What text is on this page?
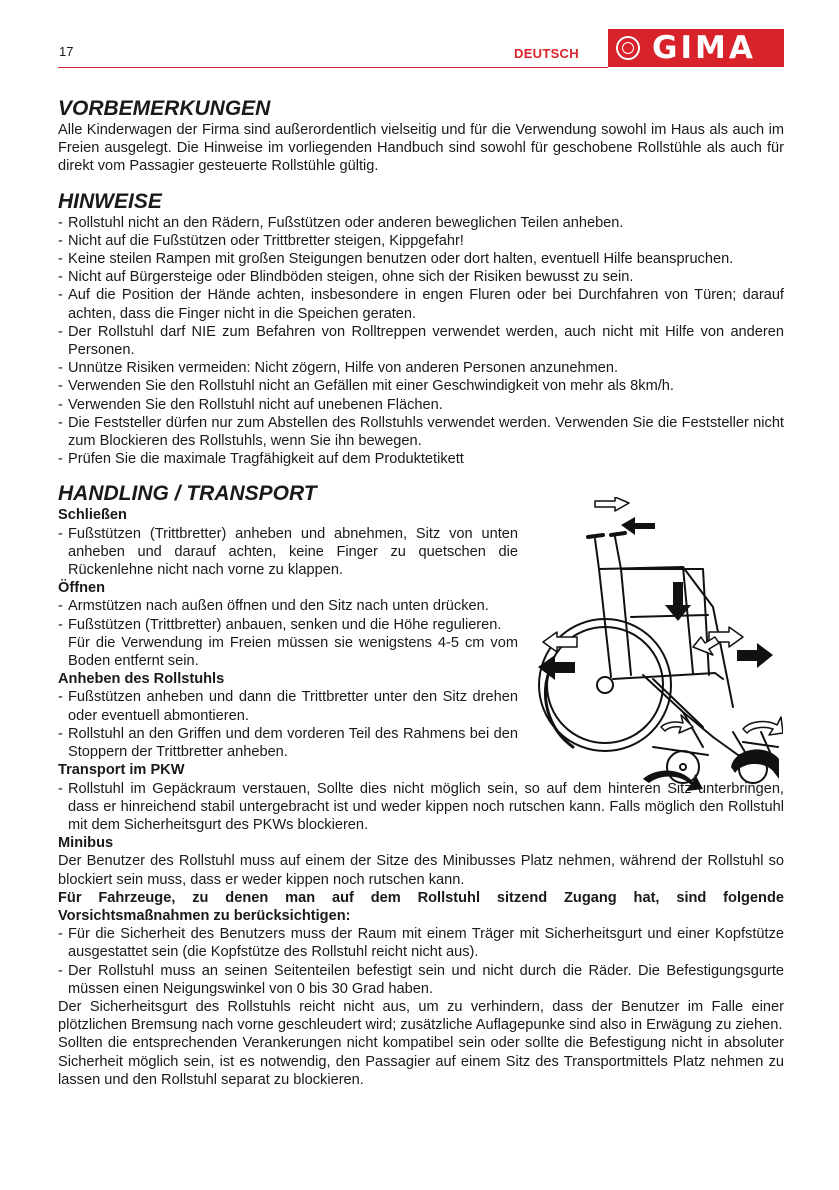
17	DEUTSCH GIMA
VORBEMERKUNGEN

Alle Kinderwagen der Firma sind außerordentlich vielseitig und für die Verwendung sowohl im Haus als auch im Freien ausgelegt. Die Hinweise im vorliegenden Handbuch sind sowohl für geschobene Rollstühle als auch für direkt vom Passagier gesteuerte Rollstühle gültig.

HINWEISE
- Rollstuhl nicht an den Rädern, Fußstützen oder anderen beweglichen Teilen anheben.
- Nicht auf die Fußstützen oder Trittbretter steigen, Kippgefahr!
- Keine steilen Rampen mit großen Steigungen benutzen oder dort halten, eventuell Hilfe beanspruchen.
- Nicht auf Bürgersteige oder Blindböden steigen, ohne sich der Risiken bewusst zu sein.
- Auf die Position der Hände achten, insbesondere in engen Fluren oder bei Durchfahren von Türen; darauf achten, dass die Finger nicht in die Speichen geraten.
- Der Rollstuhl darf NIE zum Befahren von Rolltreppen verwendet werden, auch nicht mit Hilfe von anderen Personen.
- Unnütze Risiken vermeiden: Nicht zögern, Hilfe von anderen Personen anzunehmen.
- Verwenden Sie den Rollstuhl nicht an Gefällen mit einer Geschwindigkeit von mehr als 8km/h.
- Verwenden Sie den Rollstuhl nicht auf unebenen Flächen.
- Die Feststeller dürfen nur zum Abstellen des Rollstuhls verwendet werden. Verwenden Sie die Feststeller nicht zum Blockieren des Rollstuhls, wenn Sie ihn bewegen.
- Prüfen Sie die maximale Tragfähigkeit auf dem Produktetikett
HANDLING / TRANSPORT
Schließen
- Fußstützen (Trittbretter) anheben und abnehmen, Sitz von unten anheben und darauf achten, keine Finger zu quetschen die Rückenlehne nicht nach vorne zu klappen.
Öffnen
- Armstützen nach außen öffnen und den Sitz nach unten drücken.
- Fußstützen (Trittbretter) anbauen, senken und die Höhe regulieren.

Für die Verwendung im Freien müssen sie wenigstens 4-5 cm vom Boden entfernt sein.

Anheben des Rollstuhls
- Fußstützen anheben und dann die Trittbretter unter den Sitz drehen oder eventuell abmontieren.
- Rollstuhl an den Griffen und dem vorderen Teil des Rahmens bei den Stoppern der Trittbretter anheben.
Transport im PKW
- Rollstuhl im Gepäckraum verstauen, Sollte dies nicht möglich sein, so auf dem hinteren Sitz unterbringen, dass er hinreichend stabil untergebracht ist und weder kippen noch rutschen kann. Falls möglich den Rollstuhl mit dem Sicherheitsgurt des PKWs blockieren.
Minibus

Der Benutzer des Rollstuhl muss auf einem der Sitze des Minibusses Platz nehmen, während der Rollstuhl so blockiert sein muss, dass er weder kippen noch rutschen kann.

Für Fahrzeuge, zu denen man auf dem Rollstuhl sitzend Zugang hat, sind folgende Vorsichtsmaßnahmen zu berücksichtigen:

- Für die Sicherheit des Benutzers muss der Raum mit einem Träger mit Sicherheitsgurt und einer Kopfstütze ausgestattet sein (die Kopfstütze des Rollstuhl reicht nicht aus).
- Der Rollstuhl muss an seinen Seitenteilen befestigt sein und nicht durch die Räder. Die Befestigungsgurte müssen einen Neigungswinkel von 0 bis 30 Grad haben.

Der Sicherheitsgurt des Rollstuhls reicht nicht aus, um zu verhindern, dass der Benutzer im Falle einer plötzlichen Bremsung nach vorne geschleudert wird; zusätzliche Auflagepunke sind also in Erwägung zu ziehen.

Sollten die entsprechenden Verankerungen nicht kompatibel sein oder sollte die Befestigung nicht in absoluter Sicherheit möglich sein, ist es notwendig, den Passagier auf einem Sitz des Transportmittels Platz nehmen zu lassen und den Rollstuhl separat zu blockieren.
